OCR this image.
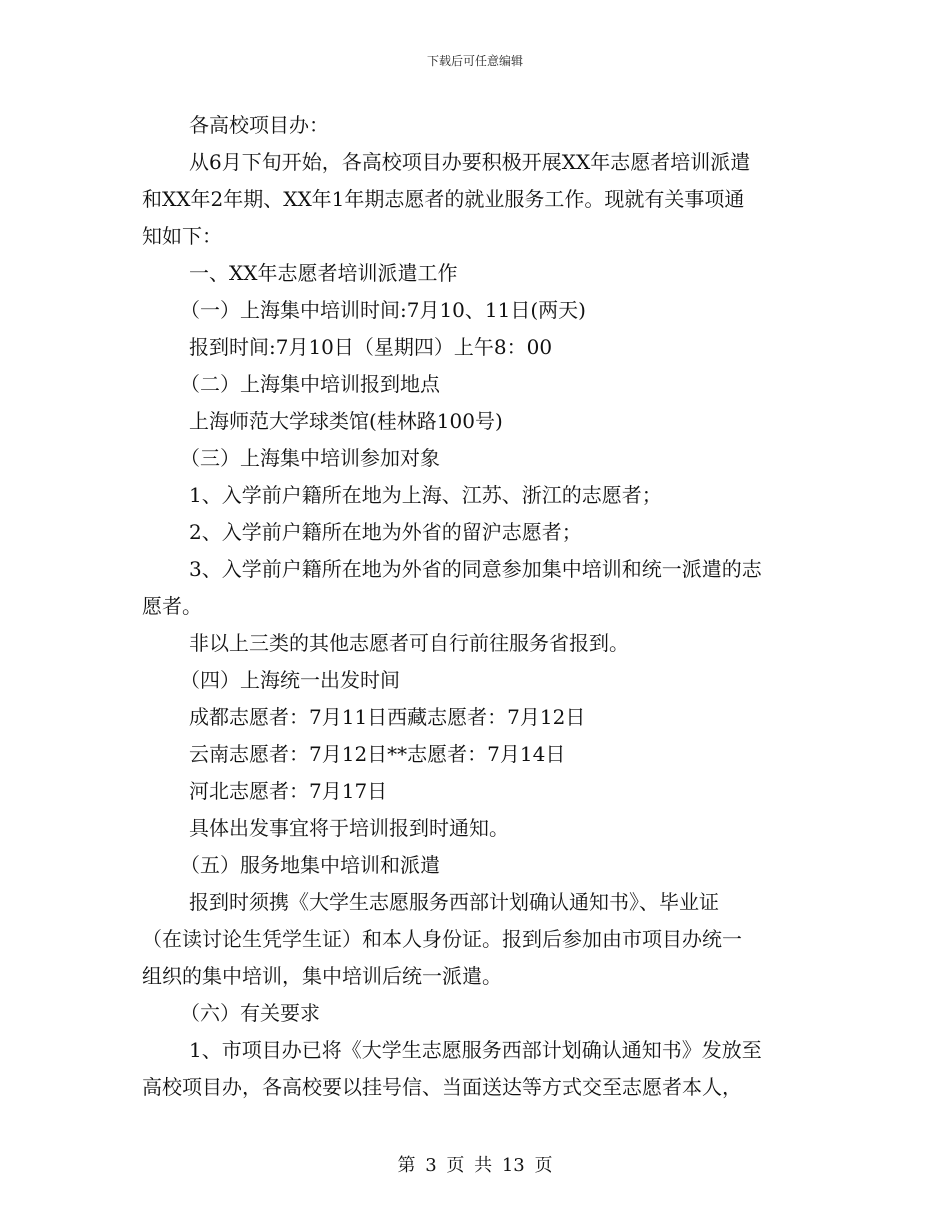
下载后可任意编辑
各高校项目办：
从6月下旬开始，各高校项目办要积极开展XX年志愿者培训派遣
和XX年2年期、XX年1年期志愿者的就业服务工作。现就有关事项通
知如下：
一、XX年志愿者培训派遣工作
（一）上海集中培训时间:7月10、11日(两天)
报到时间:7月10日（星期四）上午8：00
（二）上海集中培训报到地点
上海师范大学球类馆(桂林路100号)
（三）上海集中培训参加对象
1、入学前户籍所在地为上海、江苏、浙江的志愿者；
2、入学前户籍所在地为外省的留沪志愿者；
3、入学前户籍所在地为外省的同意参加集中培训和统一派遣的志
愿者。
非以上三类的其他志愿者可自行前往服务省报到。
（四）上海统一出发时间
成都志愿者：7月11日西藏志愿者：7月12日
云南志愿者：7月12日**志愿者：7月14日
河北志愿者：7月17日
具体出发事宜将于培训报到时通知。
（五）服务地集中培训和派遣
报到时须携《大学生志愿服务西部计划确认通知书》、毕业证
（在读讨论生凭学生证）和本人身份证。报到后参加由市项目办统一
组织的集中培训，集中培训后统一派遣。
（六）有关要求
1、市项目办已将《大学生志愿服务西部计划确认通知书》发放至
高校项目办，各高校要以挂号信、当面送达等方式交至志愿者本人，
第 3 页 共 13 页
